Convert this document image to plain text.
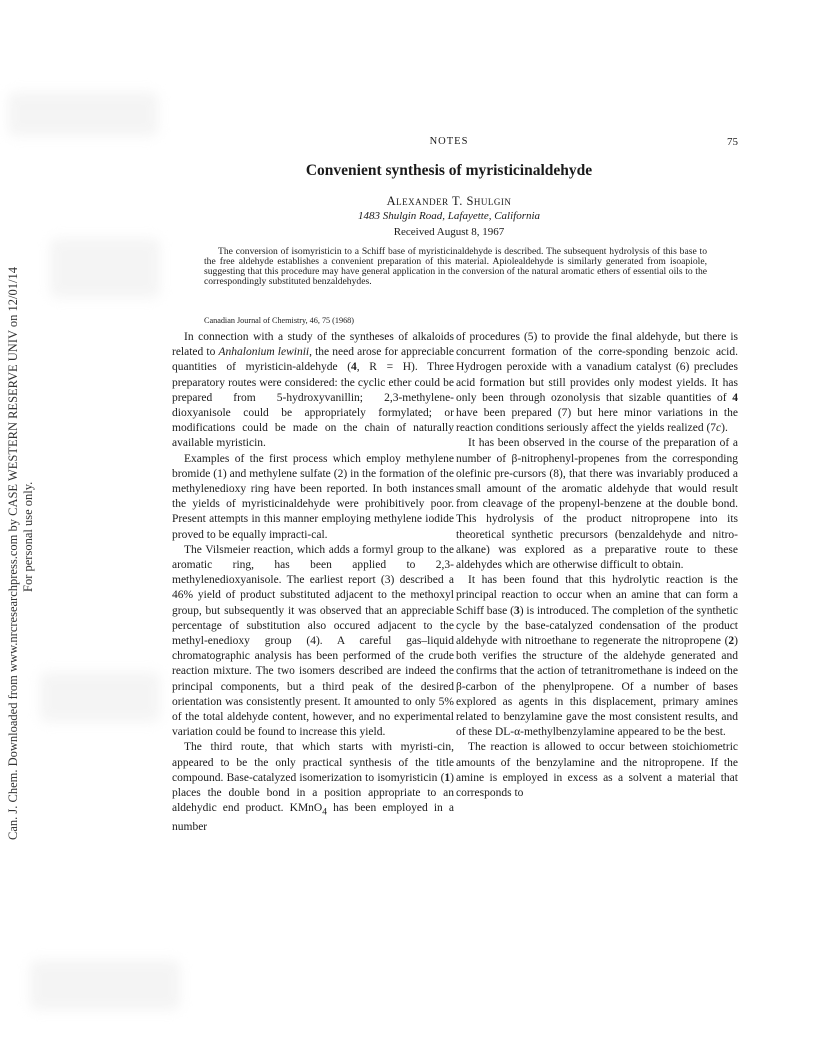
Can. J. Chem. Downloaded from www.nrcresearchpress.com by CASE WESTERN RESERVE UNIV on 12/01/14 For personal use only.
NOTES	75
Convenient synthesis of myristicinaldehyde
Alexander T. Shulgin
1483 Shulgin Road, Lafayette, California
Received August 8, 1967

The conversion of isomyristicin to a Schiff base of myristicinaldehyde is described. The subsequent hydrolysis of this base to the free aldehyde establishes a convenient preparation of this material. Apiolealdehyde is similarly generated from isoapiole, suggesting that this procedure may have general application in the conversion of the natural aromatic ethers of essential oils to the correspondingly substituted benzaldehydes.

Canadian Journal of Chemistry, 46, 75 (1968)

In connection with a study of the syntheses of alkaloids related to Anhalonium lewinii, the need arose for appreciable quantities of myristicin-aldehyde (4, R = H). Three preparatory routes were considered: the cyclic ether could be prepared from 5-hydroxyvanillin; 2,3-methylene-dioxyanisole could be appropriately formylated; or modifications could be made on the chain of naturally available myristicin.

Examples of the first process which employ methylene bromide (1) and methylene sulfate (2) in the formation of the methylenedioxy ring have been reported. In both instances the yields of myristicinaldehyde were prohibitively poor. Present attempts in this manner employing methylene iodide proved to be equally impracti-cal.

The Vilsmeier reaction, which adds a formyl group to the aromatic ring, has been applied to 2,3-methylenedioxyanisole. The earliest report (3) described a 46% yield of product substituted adjacent to the methoxyl group, but subsequently it was observed that an appreciable percentage of substitution also occured adjacent to the methyl-enedioxy group (4). A careful gas–liquid chromatographic analysis has been performed of the crude reaction mixture. The two isomers described are indeed the principal components, but a third peak of the desired orientation was consistently present. It amounted to only 5% of the total aldehyde content, however, and no experimental variation could be found to increase this yield.

The third route, that which starts with myristi-cin, appeared to be the only practical synthesis of the title compound. Base-catalyzed isomerization to isomyristicin (1) places the double bond in a position appropriate to an aldehydic end product. KMnO$_4$ has been employed in a number

of procedures (5) to provide the final aldehyde, but there is concurrent formation of the corre-sponding benzoic acid. Hydrogen peroxide with a vanadium catalyst (6) precludes acid formation but still provides only modest yields. It has only been through ozonolysis that sizable quantities of 4 have been prepared (7) but here minor variations in the reaction conditions seriously affect the yields realized (7c).

It has been observed in the course of the preparation of a number of β-nitrophenyl-propenes from the corresponding olefinic pre-cursors (8), that there was invariably produced a small amount of the aromatic aldehyde that would result from cleavage of the propenyl-benzene at the double bond. This hydrolysis of the product nitropropene into its theoretical synthetic precursors (benzaldehyde and nitro-alkane) was explored as a preparative route to these aldehydes which are otherwise difficult to obtain.

It has been found that this hydrolytic reaction is the principal reaction to occur when an amine that can form a Schiff base (3) is introduced. The completion of the synthetic cycle by the base-catalyzed condensation of the product aldehyde with nitroethane to regenerate the nitropropene (2) both verifies the structure of the aldehyde generated and confirms that the action of tetranitromethane is indeed on the β-carbon of the phenylpropene. Of a number of bases explored as agents in this displacement, primary amines related to benzylamine gave the most consistent results, and of these DL-α-methylbenzylamine appeared to be the best.

The reaction is allowed to occur between stoichiometric amounts of the benzylamine and the nitropropene. If the amine is employed in excess as a solvent a material that corresponds to
